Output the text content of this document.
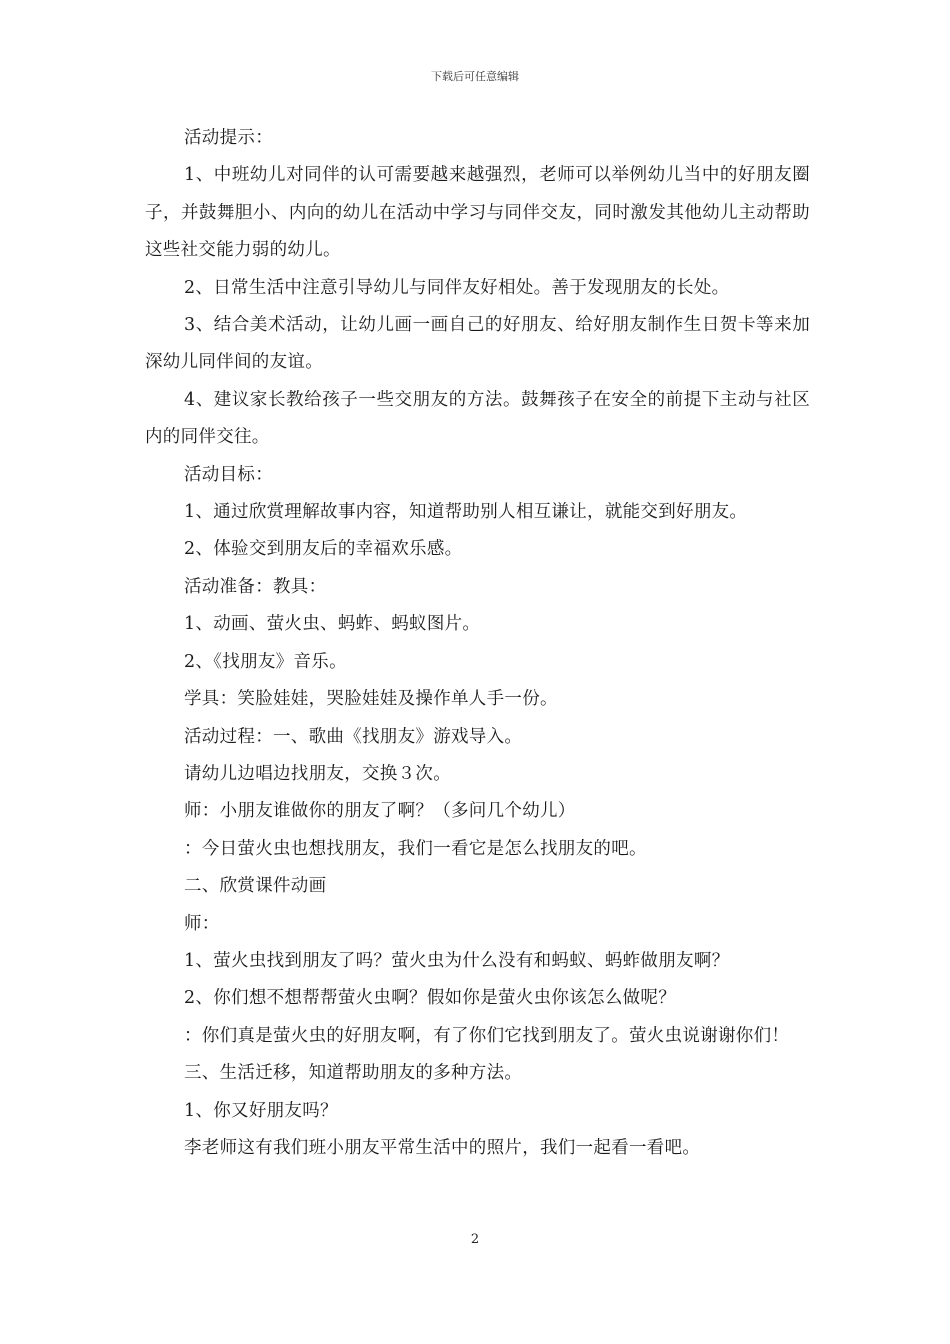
下载后可任意编辑

活动提示：

1、中班幼儿对同伴的认可需要越来越强烈，老师可以举例幼儿当中的好朋友圈子，并鼓舞胆小、内向的幼儿在活动中学习与同伴交友，同时激发其他幼儿主动帮助这些社交能力弱的幼儿。

2、日常生活中注意引导幼儿与同伴友好相处。善于发现朋友的长处。

3、结合美术活动，让幼儿画一画自己的好朋友、给好朋友制作生日贺卡等来加深幼儿同伴间的友谊。

4、建议家长教给孩子一些交朋友的方法。鼓舞孩子在安全的前提下主动与社区内的同伴交往。

活动目标：

1、通过欣赏理解故事内容，知道帮助别人相互谦让，就能交到好朋友。

2、体验交到朋友后的幸福欢乐感。

活动准备：教具：

1、动画、萤火虫、蚂蚱、蚂蚁图片。

2、《找朋友》音乐。

学具：笑脸娃娃，哭脸娃娃及操作单人手一份。

活动过程：一、歌曲《找朋友》游戏导入。

请幼儿边唱边找朋友，交换３次。

师：小朋友谁做你的朋友了啊？（多问几个幼儿）

：今日萤火虫也想找朋友，我们一看它是怎么找朋友的吧。

二、欣赏课件动画

师：

1、萤火虫找到朋友了吗？萤火虫为什么没有和蚂蚁、蚂蚱做朋友啊？

2、你们想不想帮帮萤火虫啊？假如你是萤火虫你该怎么做呢？

：你们真是萤火虫的好朋友啊，有了你们它找到朋友了。萤火虫说谢谢你们！

三、生活迁移，知道帮助朋友的多种方法。

1、你又好朋友吗？

李老师这有我们班小朋友平常生活中的照片，我们一起看一看吧。

2
